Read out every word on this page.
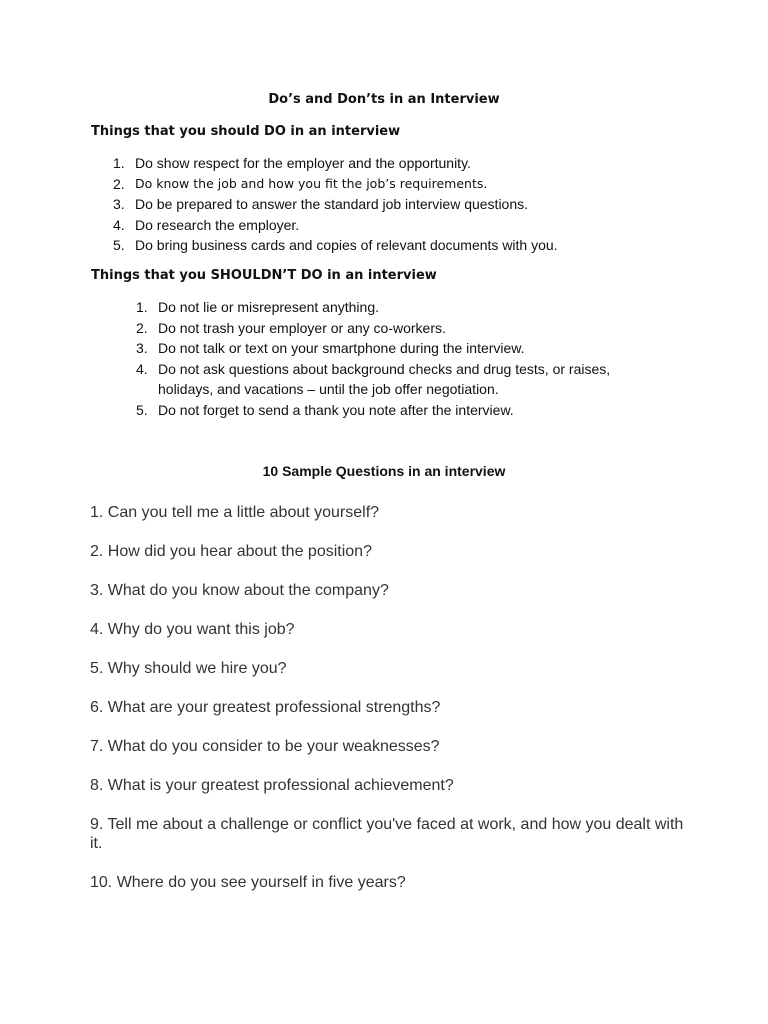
Do’s and Don’ts in an Interview
Things that you should DO in an interview
1. Do show respect for the employer and the opportunity.
2. Do know the job and how you fit the job’s requirements.
3. Do be prepared to answer the standard job interview questions.
4. Do research the employer.
5. Do bring business cards and copies of relevant documents with you.
Things that you SHOULDN’T DO in an interview
1. Do not lie or misrepresent anything.
2. Do not trash your employer or any co-workers.
3. Do not talk or text on your smartphone during the interview.
4. Do not ask questions about background checks and drug tests, or raises, holidays, and vacations – until the job offer negotiation.
5. Do not forget to send a thank you note after the interview.
10 Sample Questions in an interview
1. Can you tell me a little about yourself?
2. How did you hear about the position?
3. What do you know about the company?
4. Why do you want this job?
5. Why should we hire you?
6. What are your greatest professional strengths?
7. What do you consider to be your weaknesses?
8. What is your greatest professional achievement?
9. Tell me about a challenge or conflict you've faced at work, and how you dealt with it.
10. Where do you see yourself in five years?
